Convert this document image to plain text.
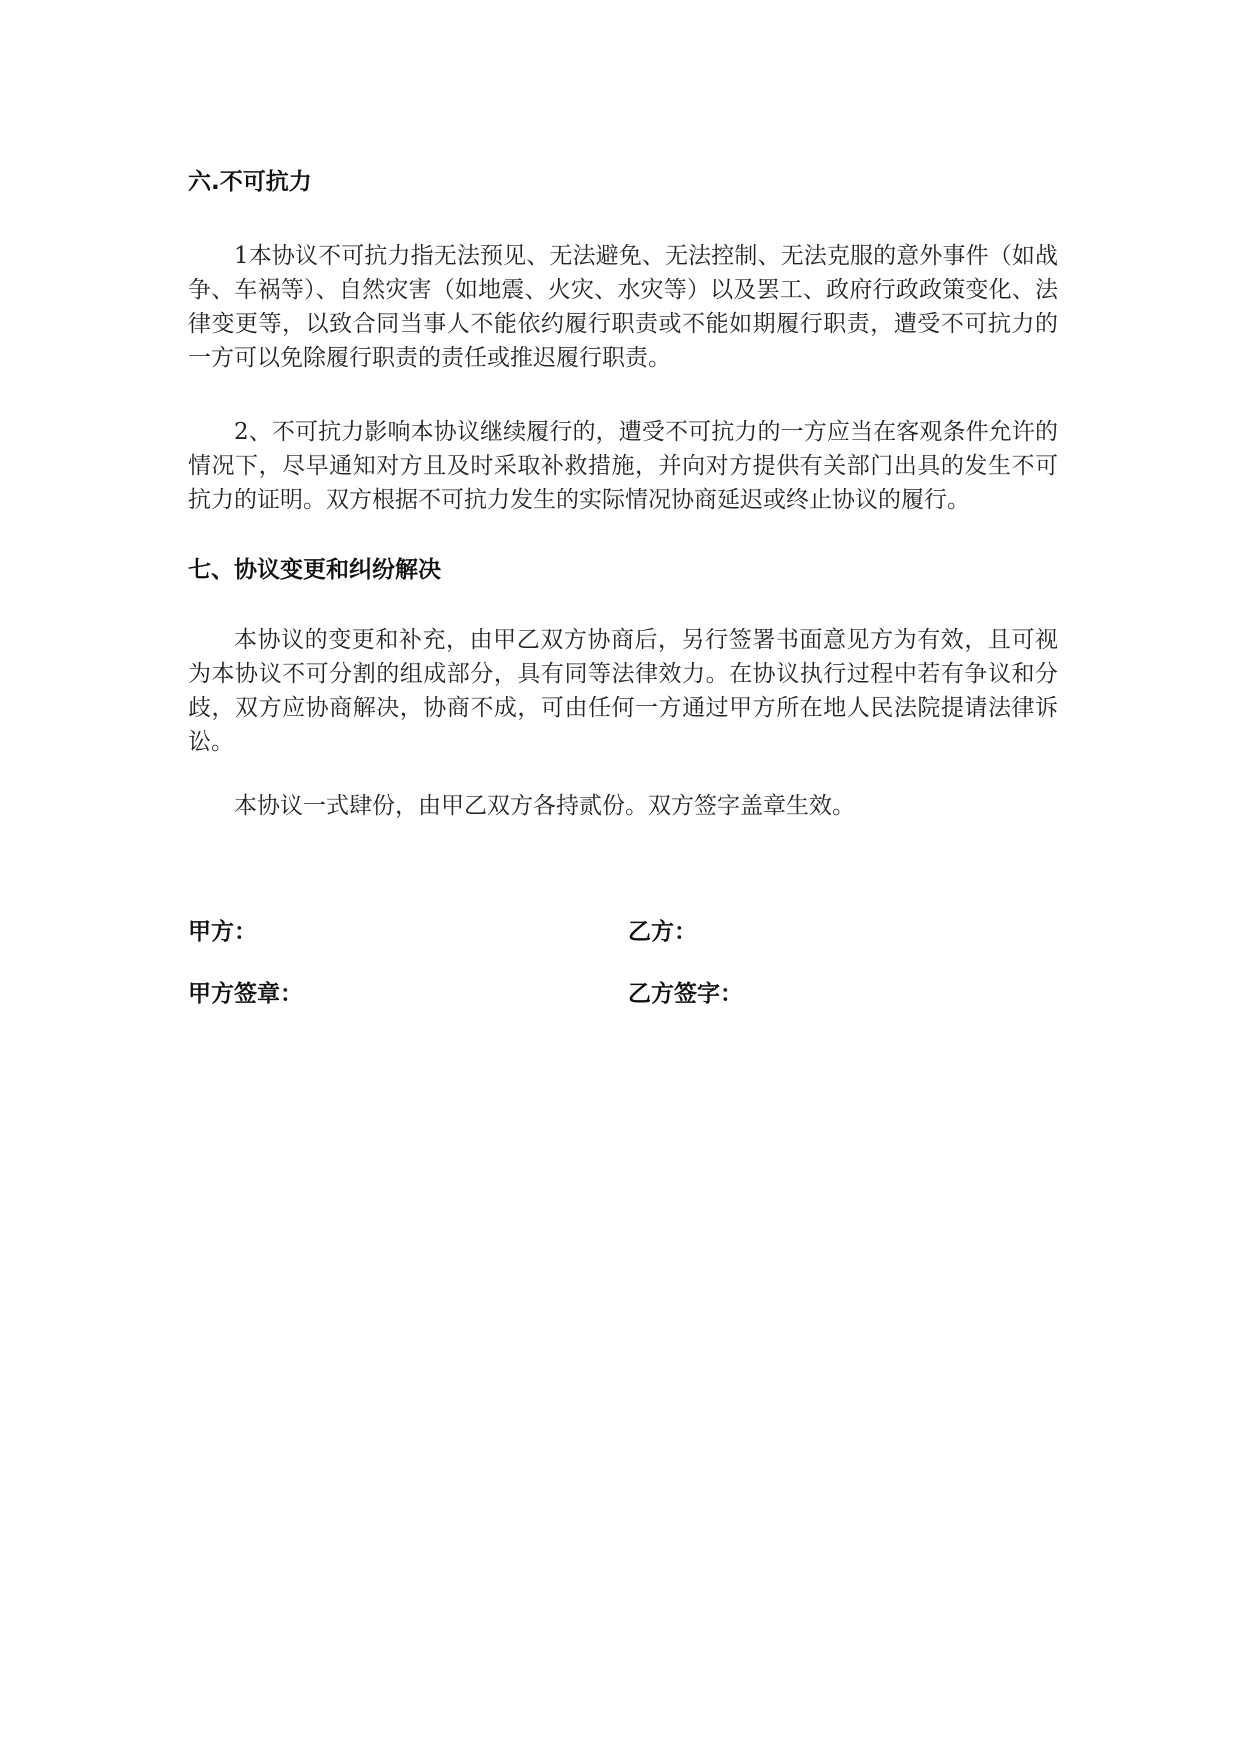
六.不可抗力

1本协议不可抗力指无法预见、无法避免、无法控制、无法克服的意外事件（如战争、车祸等）、自然灾害（如地震、火灾、水灾等）以及罢工、政府行政政策变化、法律变更等，以致合同当事人不能依约履行职责或不能如期履行职责，遭受不可抗力的一方可以免除履行职责的责任或推迟履行职责。

2、不可抗力影响本协议继续履行的，遭受不可抗力的一方应当在客观条件允许的情况下，尽早通知对方且及时采取补救措施，并向对方提供有关部门出具的发生不可抗力的证明。双方根据不可抗力发生的实际情况协商延迟或终止协议的履行。

七、协议变更和纠纷解决

本协议的变更和补充，由甲乙双方协商后，另行签署书面意见方为有效，且可视为本协议不可分割的组成部分，具有同等法律效力。在协议执行过程中若有争议和分歧，双方应协商解决，协商不成，可由任何一方通过甲方所在地人民法院提请法律诉讼。

本协议一式肆份，由甲乙双方各持贰份。双方签字盖章生效。

甲方：	乙方：
甲方签章：	乙方签字：
